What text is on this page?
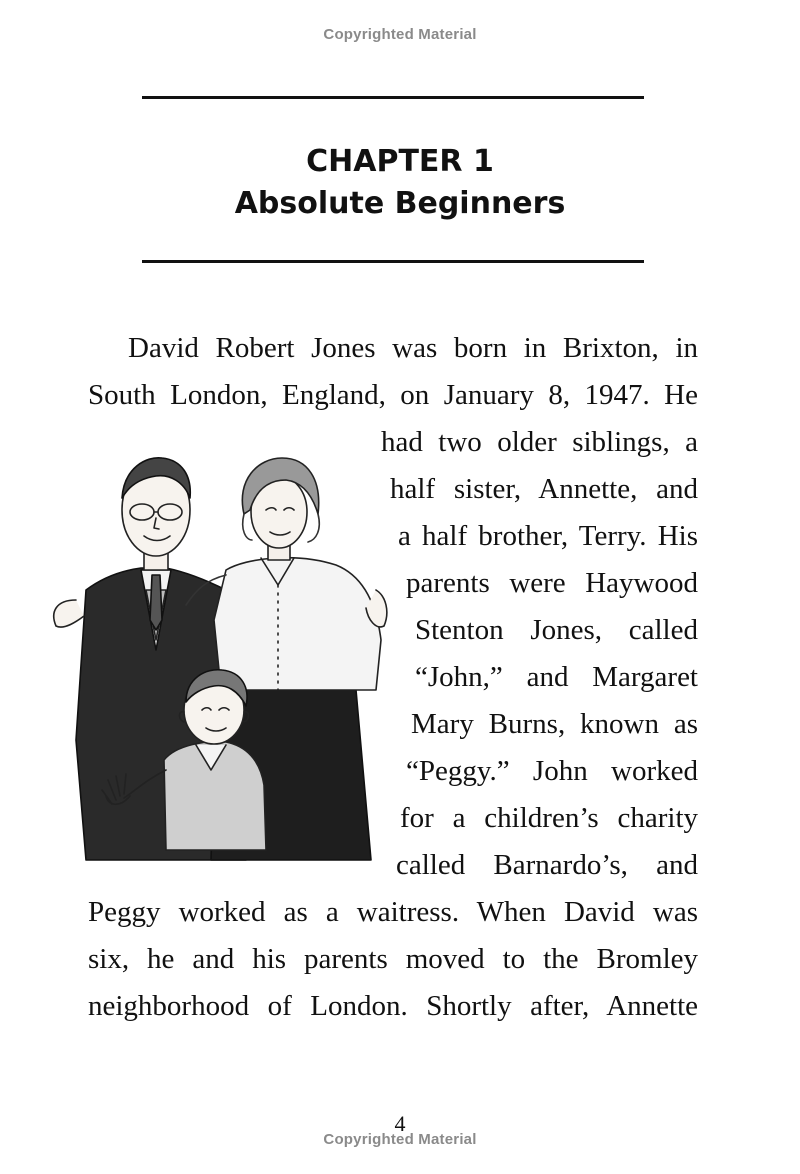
Copyrighted Material
CHAPTER 1
Absolute Beginners
David Robert Jones was born in Brixton, in
South London, England, on January 8, 1947. He
had two older siblings, a
half sister, Annette, and
a half brother, Terry. His
parents were Haywood
Stenton Jones, called
“John,” and Margaret
Mary Burns, known as
“Peggy.” John worked
for a children’s charity
called Barnardo’s, and
Peggy worked as a waitress. When David was
six, he and his parents moved to the Bromley
neighborhood of London. Shortly after, Annette
4
Copyrighted Material
